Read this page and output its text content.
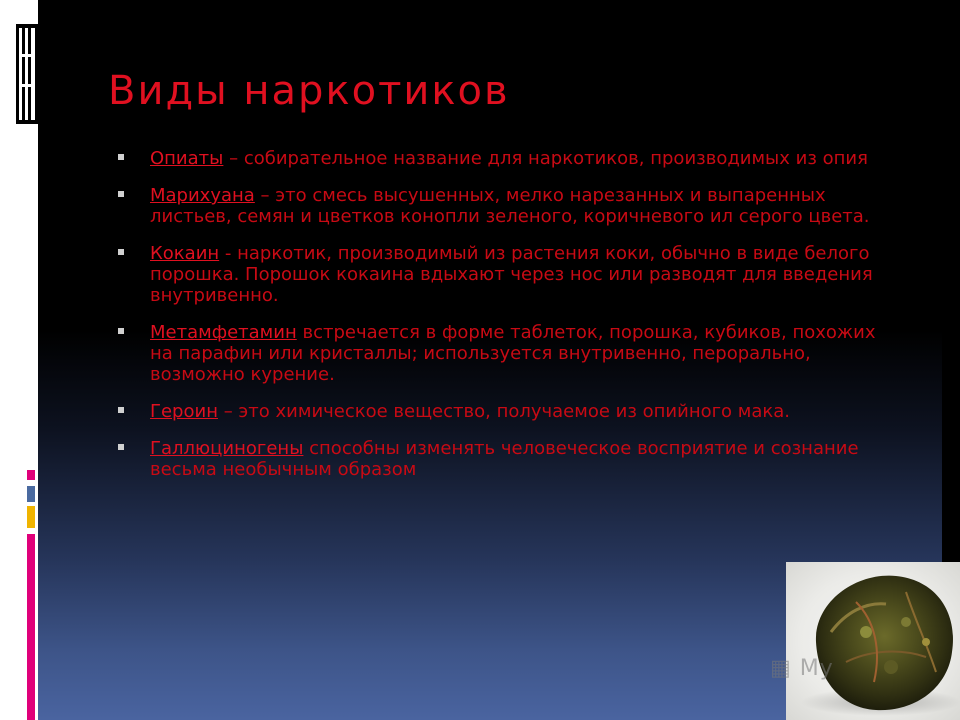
Виды наркотиков
Опиаты – собирательное название для наркотиков, производимых из опия
Марихуана – это смесь высушенных, мелко нарезанных и выпаренных листьев, семян и цветков конопли зеленого, коричневого ил серого цвета.
Кокаин - наркотик, производимый из растения коки, обычно в виде белого порошка. Порошок кокаина вдыхают через нос или разводят для введения внутривенно.
Метамфетамин встречается в форме таблеток, порошка, кубиков, похожих на парафин или кристаллы; используется внутривенно, перорально, возможно курение.
Героин – это химическое вещество, получаемое из опийного мака.
Галлюциногены способны изменять человеческое восприятие и сознание весьма необычным образом
▦ My
